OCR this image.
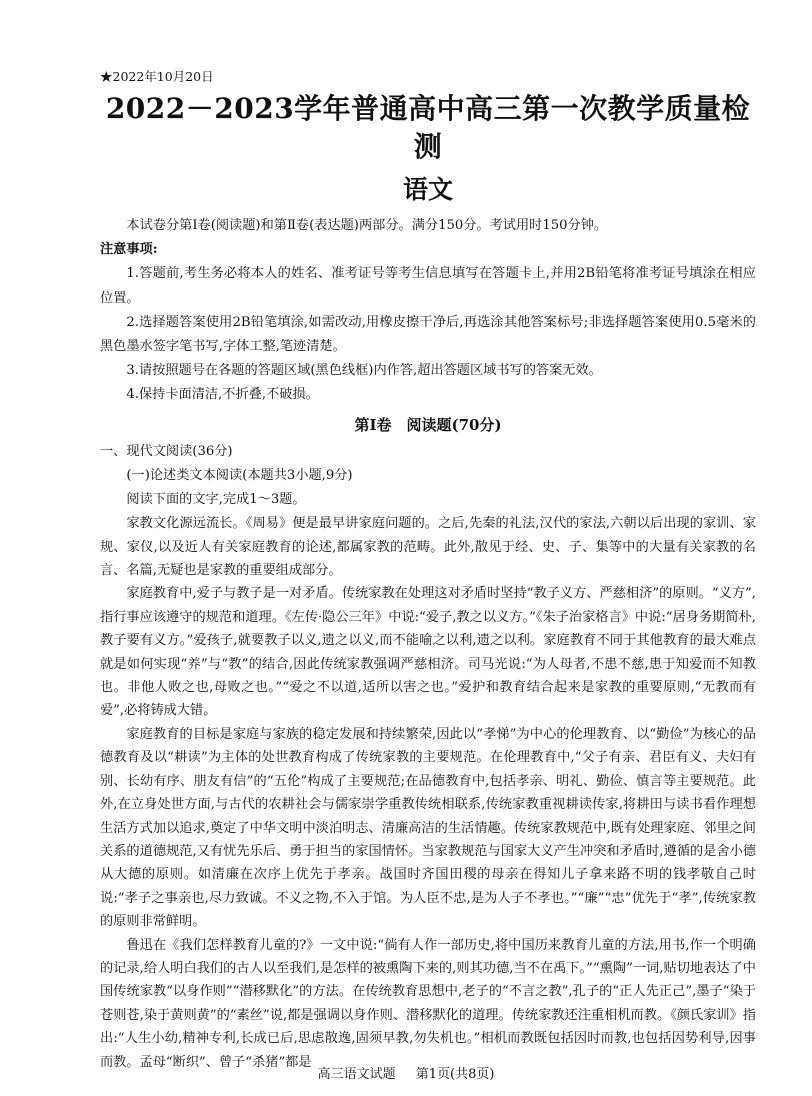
★2022年10月20日
2022－2023学年普通高中高三第一次教学质量检测
语文

本试卷分第Ⅰ卷(阅读题)和第Ⅱ卷(表达题)两部分。满分150分。考试用时150分钟。

注意事项:

1.答题前,考生务必将本人的姓名、准考证号等考生信息填写在答题卡上,并用2B铅笔将准考证号填涂在相应位置。

2.选择题答案使用2B铅笔填涂,如需改动,用橡皮擦干净后,再选涂其他答案标号;非选择题答案使用0.5毫米的黑色墨水签字笔书写,字体工整,笔迹清楚。

3.请按照题号在各题的答题区域(黑色线框)内作答,超出答题区域书写的答案无效。

4.保持卡面清洁,不折叠,不破损。

第Ⅰ卷　阅读题(70分)

一、现代文阅读(36分)

(一)论述类文本阅读(本题共3小题,9分)

阅读下面的文字,完成1～3题。

家教文化源远流长。《周易》便是最早讲家庭问题的。之后,先秦的礼法,汉代的家法,六朝以后出现的家训、家规、家仪,以及近人有关家庭教育的论述,都属家教的范畴。此外,散见于经、史、子、集等中的大量有关家教的名言、名篇,无疑也是家教的重要组成部分。

家庭教育中,爱子与教子是一对矛盾。传统家教在处理这对矛盾时坚持“教子义方、严慈相济”的原则。“义方”,指行事应该遵守的规范和道理。《左传·隐公三年》中说:“爱子,教之以义方。”《朱子治家格言》中说:“居身务期简朴,教子要有义方。”爱孩子,就要教子以义,遗之以义,而不能喻之以利,遗之以利。家庭教育不同于其他教育的最大难点就是如何实现“养”与“教”的结合,因此传统家教强调严慈相济。司马光说:“为人母者,不患不慈,患于知爱而不知教也。非他人败之也,母败之也。”“爱之不以道,适所以害之也。”爱护和教育结合起来是家教的重要原则,“无教而有爱”,必将铸成大错。

家庭教育的目标是家庭与家族的稳定发展和持续繁荣,因此以“孝悌”为中心的伦理教育、以“勤俭”为核心的品德教育及以“耕读”为主体的处世教育构成了传统家教的主要规范。在伦理教育中,“父子有亲、君臣有义、夫妇有别、长幼有序、朋友有信”的“五伦”构成了主要规范;在品德教育中,包括孝亲、明礼、勤俭、慎言等主要规范。此外,在立身处世方面,与古代的农耕社会与儒家崇学重教传统相联系,传统家教重视耕读传家,将耕田与读书看作理想生活方式加以追求,奠定了中华文明中淡泊明志、清廉高洁的生活情趣。传统家教规范中,既有处理家庭、邻里之间关系的道德规范,又有忧先乐后、勇于担当的家国情怀。当家教规范与国家大义产生冲突和矛盾时,遵循的是舍小德从大德的原则。如清廉在次序上优先于孝亲。战国时齐国田稷的母亲在得知儿子拿来路不明的钱孝敬自己时说:“孝子之事亲也,尽力致诚。不义之物,不入于馆。为人臣不忠,是为人子不孝也。”“廉”“忠”优先于“孝”,传统家教的原则非常鲜明。

鲁迅在《我们怎样教育儿童的?》一文中说:“倘有人作一部历史,将中国历来教育儿童的方法,用书,作一个明确的记录,给人明白我们的古人以至我们,是怎样的被熏陶下来的,则其功德,当不在禹下。”“熏陶”一词,贴切地表达了中国传统家教“以身作则”“潜移默化”的方法。在传统教育思想中,老子的“不言之教”,孔子的“正人先正己”,墨子“染于苍则苍,染于黄则黄”的“素丝”说,都是强调以身作则、潜移默化的道理。传统家教还注重相机而教。《颜氏家训》指出:“人生小幼,精神专利,长成已后,思虑散逸,固须早教,勿失机也。”相机而教既包括因时而教,也包括因势利导,因事而教。孟母“断织”、曾子“杀猪”都是

高三语文试题 第1页(共8页)
